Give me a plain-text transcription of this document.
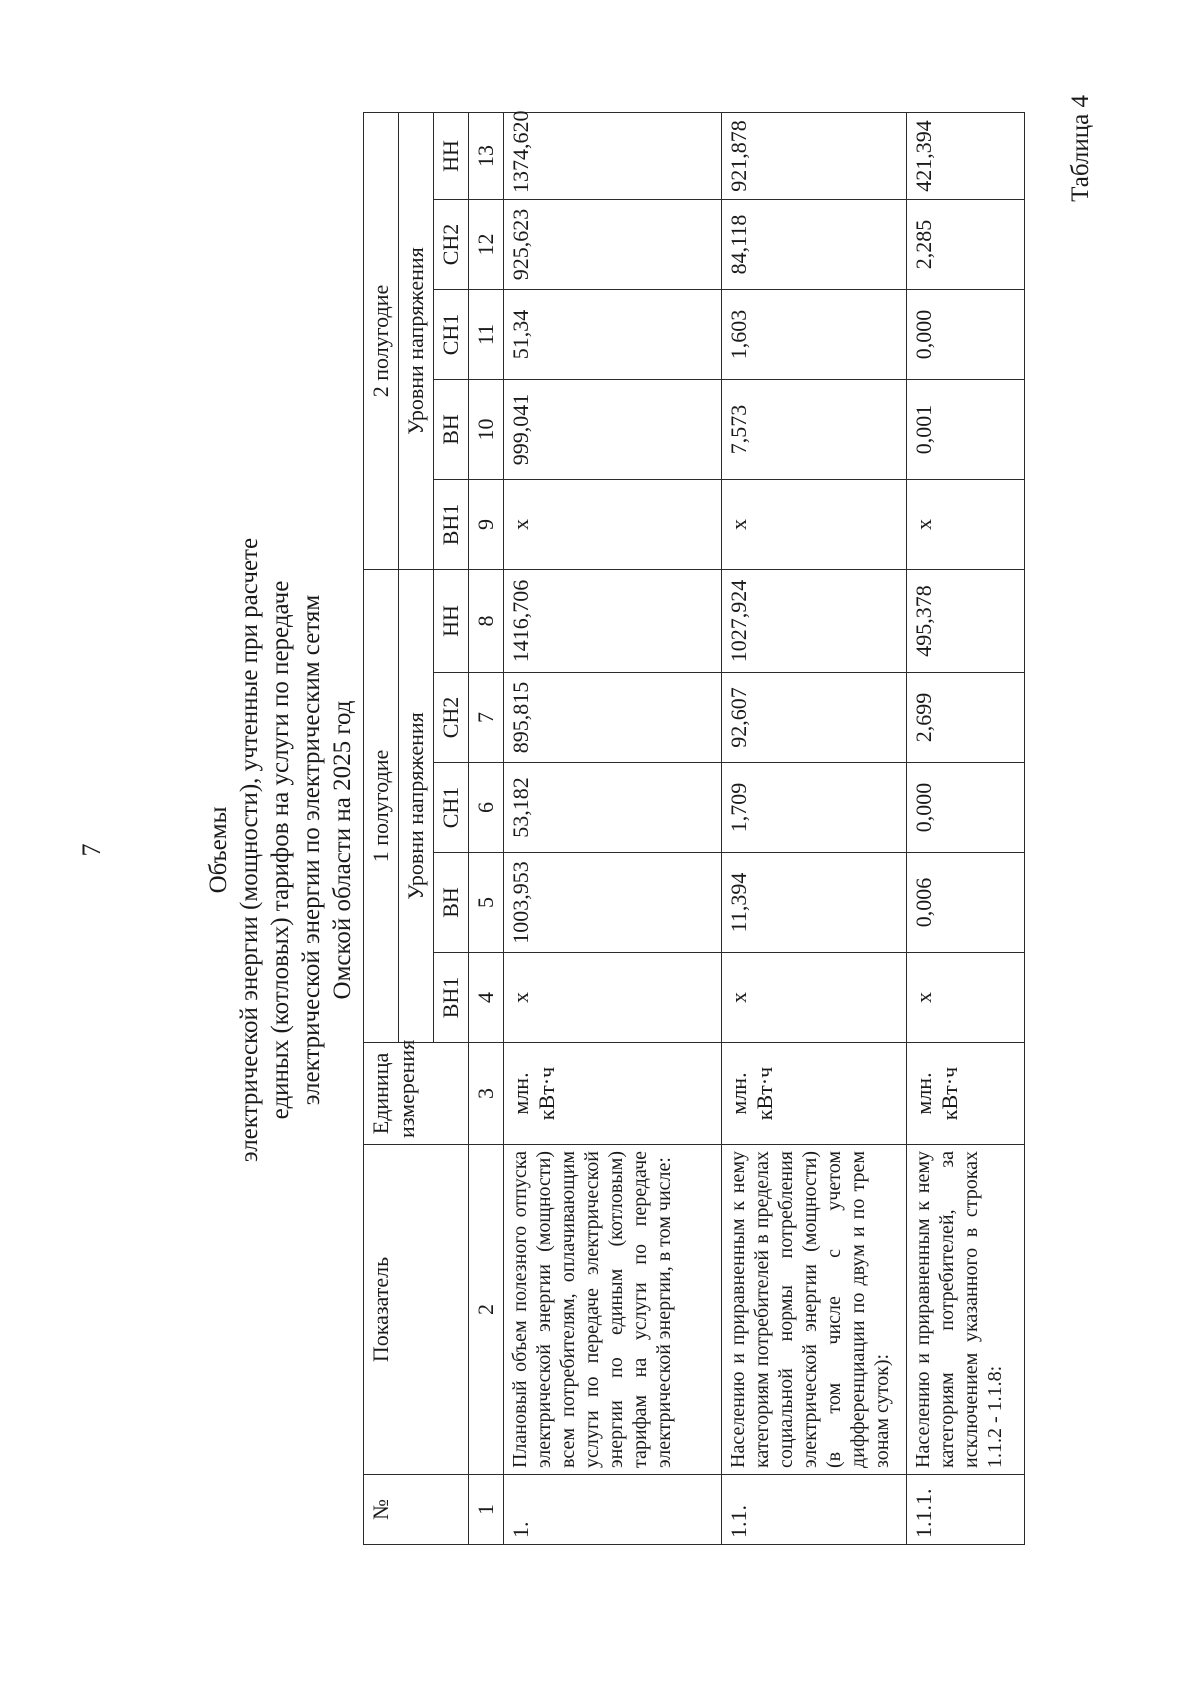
7

Таблица 4

Объемы электрической энергии (мощности), учтенные при расчете единых (котловых) тарифов на услуги по передаче электрической энергии по электрическим сетям Омской области на 2025 год
№	Показатель	Единица измерения	1 полугодие					2 полугодие				
			Уровни напряжения					Уровни напряжения				
			ВН1	ВН	СН1	СН2	НН	ВН1	ВН	СН1	СН2	НН
1	2	3	4	5	6	7	8	9	10	11	12	13
1.	Плановый объем полезного отпуска электрической энергии (мощности) всем потребителям, оплачивающим услуги по передаче электрической энергии по единым (котловым) тарифам на услуги по передаче электрической энергии, в том числе:	млн. кВт·ч	х	1003,953	53,182	895,815	1416,706	х	999,041	51,34	925,623	1374,620
1.1.	Населению и приравненным к нему категориям потребителей в пределах социальной нормы потребления электрической энергии (мощности) (в том числе с учетом дифференциации по двум и по трем зонам суток):	млн. кВт·ч	х	11,394	1,709	92,607	1027,924	х	7,573	1,603	84,118	921,878
1.1.1.	Населению и приравненным к нему категориям потребителей, за исключением указанного в строках 1.1.2 - 1.1.8:	млн. кВт·ч	х	0,006	0,000	2,699	495,378	х	0,001	0,000	2,285	421,394
